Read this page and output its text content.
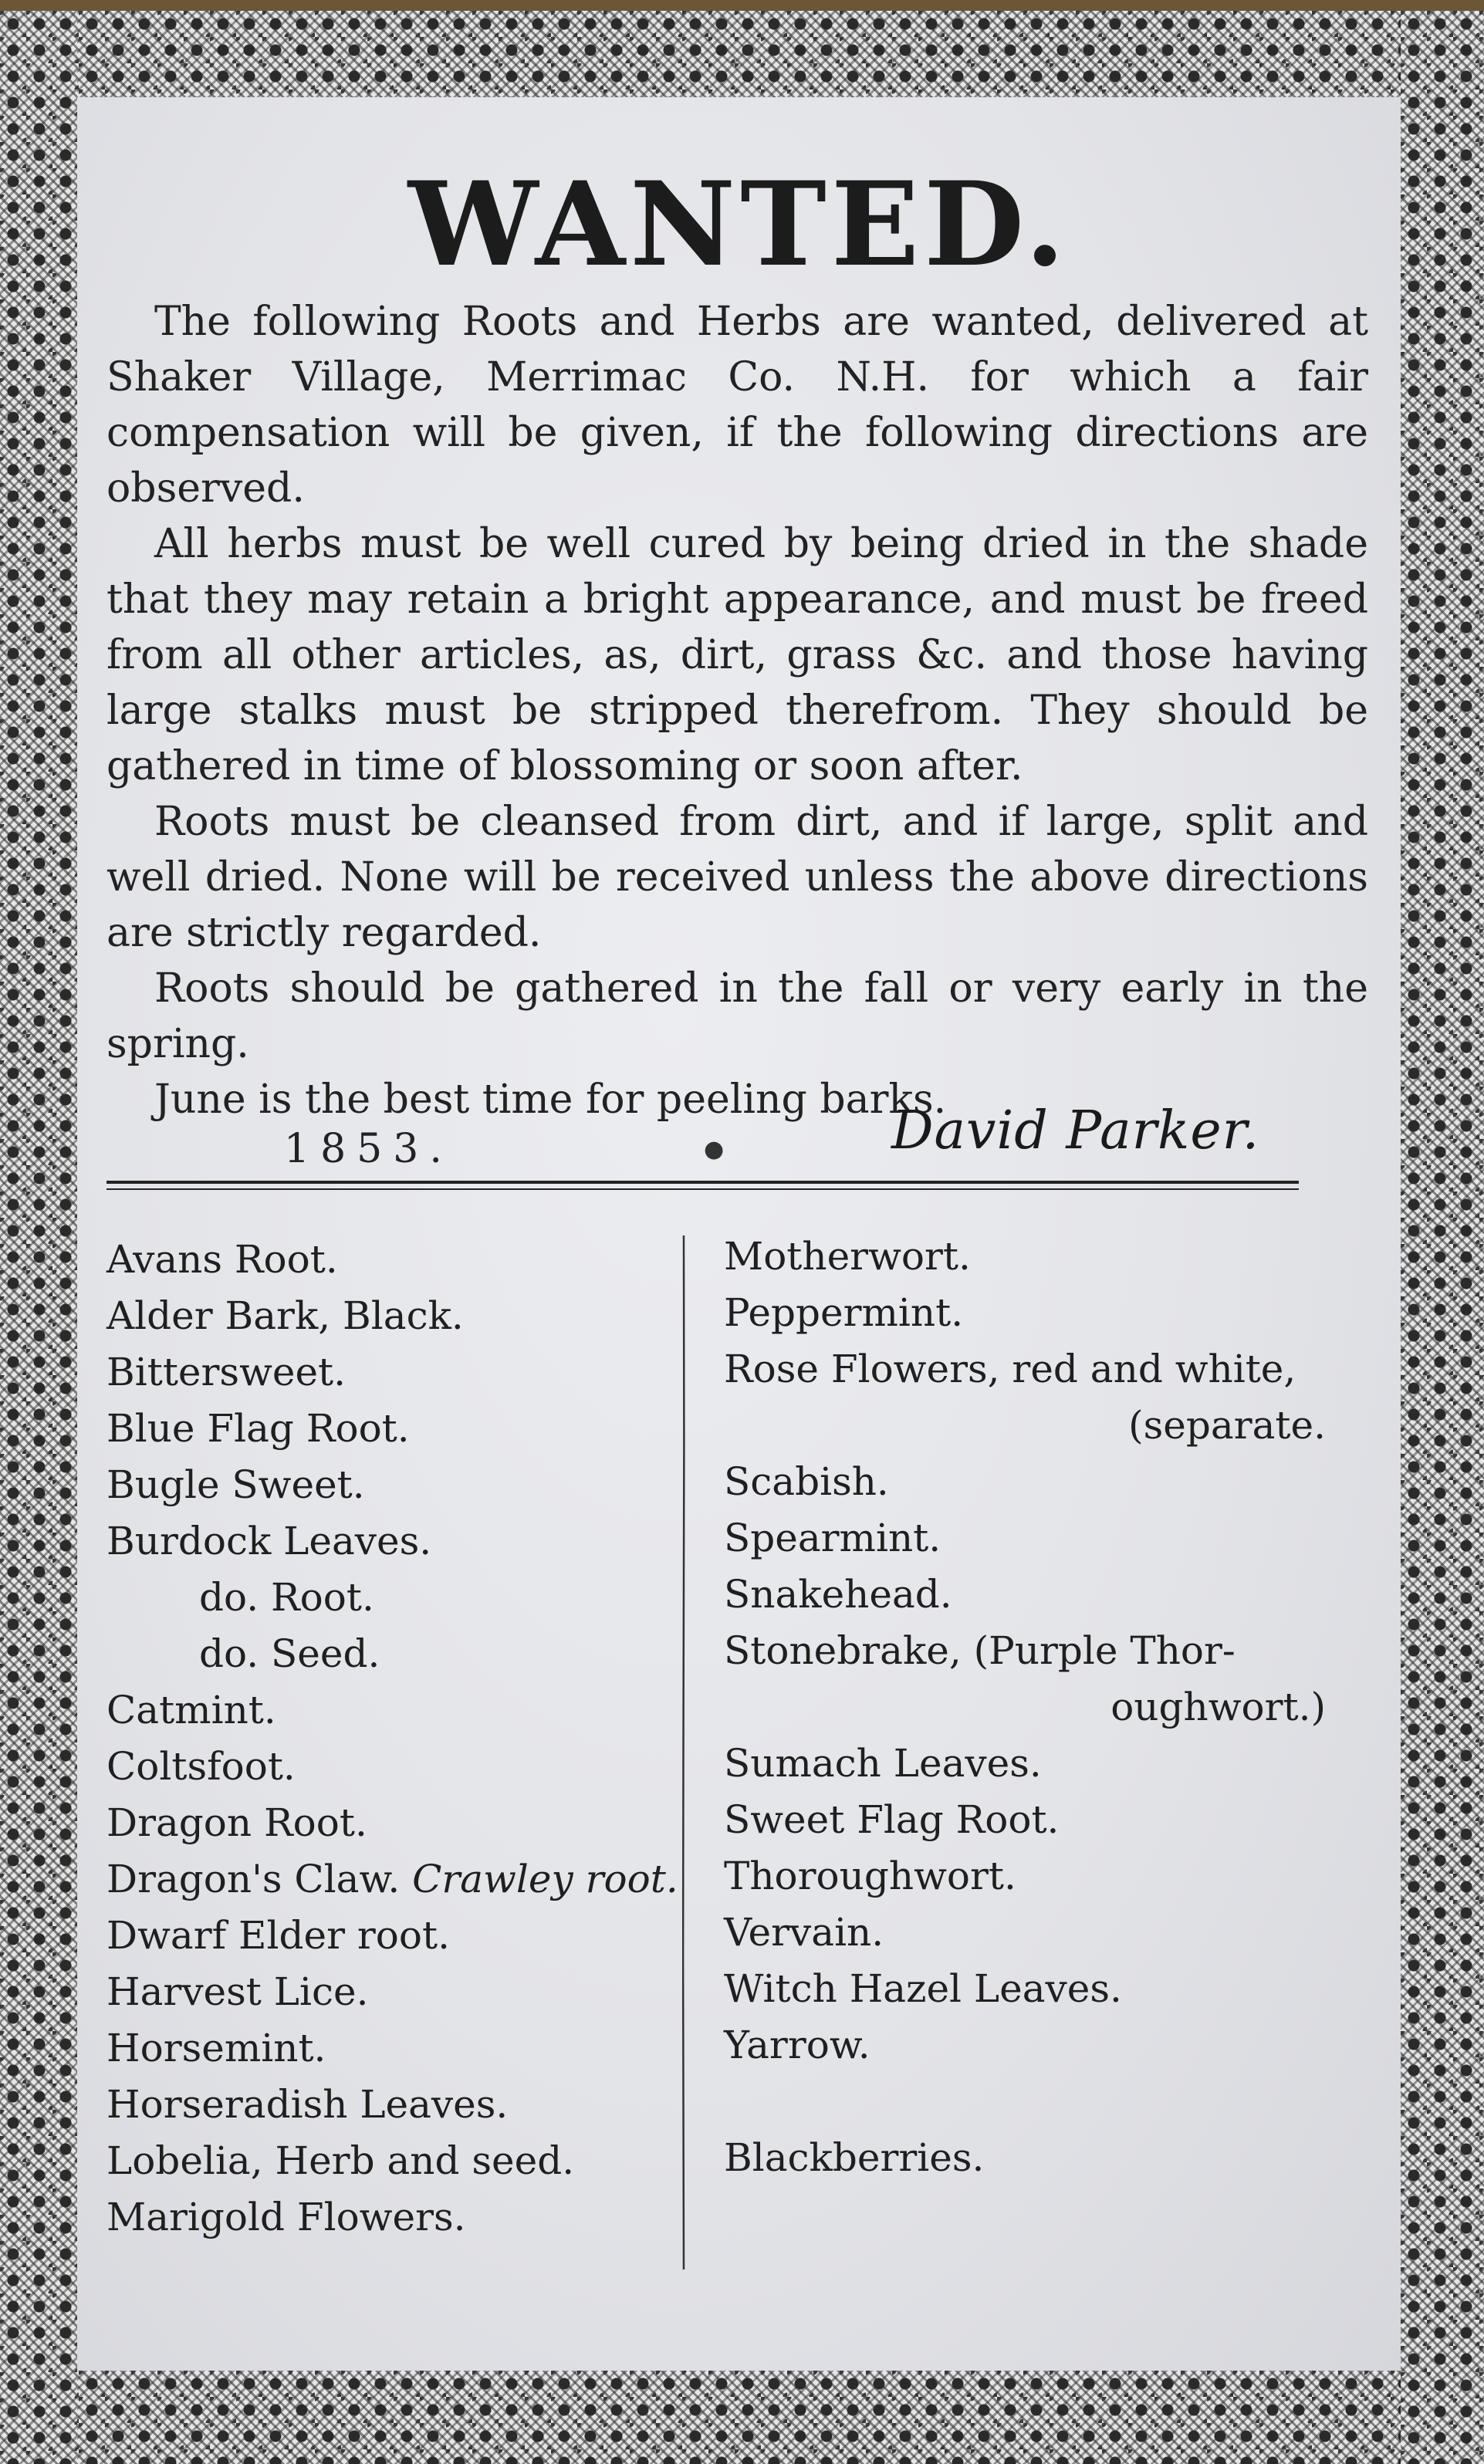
WANTED.

The following Roots and Herbs are wanted, delivered at Shaker Village, Merrimac Co. N.H. for which a fair compensation will be given, if the following directions are observed.

All herbs must be well cured by being dried in the shade that they may retain a bright appearance, and must be freed from all other articles, as, dirt, grass &c. and those having large stalks must be stripped therefrom. They should be gathered in time of blossoming or soon after.

Roots must be cleansed from dirt, and if large, split and well dried. None will be received unless the above directions are strictly regarded.

Roots should be gathered in the fall or very early in the spring.

June is the best time for peeling barks.

1853.	●	David Parker.
Avans Root.
Alder Bark, Black.
Bittersweet.
Blue Flag Root.
Bugle Sweet.
Burdock Leaves.
do. Root.
do. Seed.
Catmint.
Coltsfoot.
Dragon Root.
Dragon's Claw. Crawley root.
Dwarf Elder root.
Harvest Lice.
Horsemint.
Horseradish Leaves.
Lobelia, Herb and seed.
Marigold Flowers.
Motherwort.
Peppermint.
Rose Flowers, red and white,
(separate.
Scabish.
Spearmint.
Snakehead.
Stonebrake, (Purple Thor-
oughwort.)
Sumach Leaves.
Sweet Flag Root.
Thoroughwort.
Vervain.
Witch Hazel Leaves.
Yarrow.
Blackberries.
